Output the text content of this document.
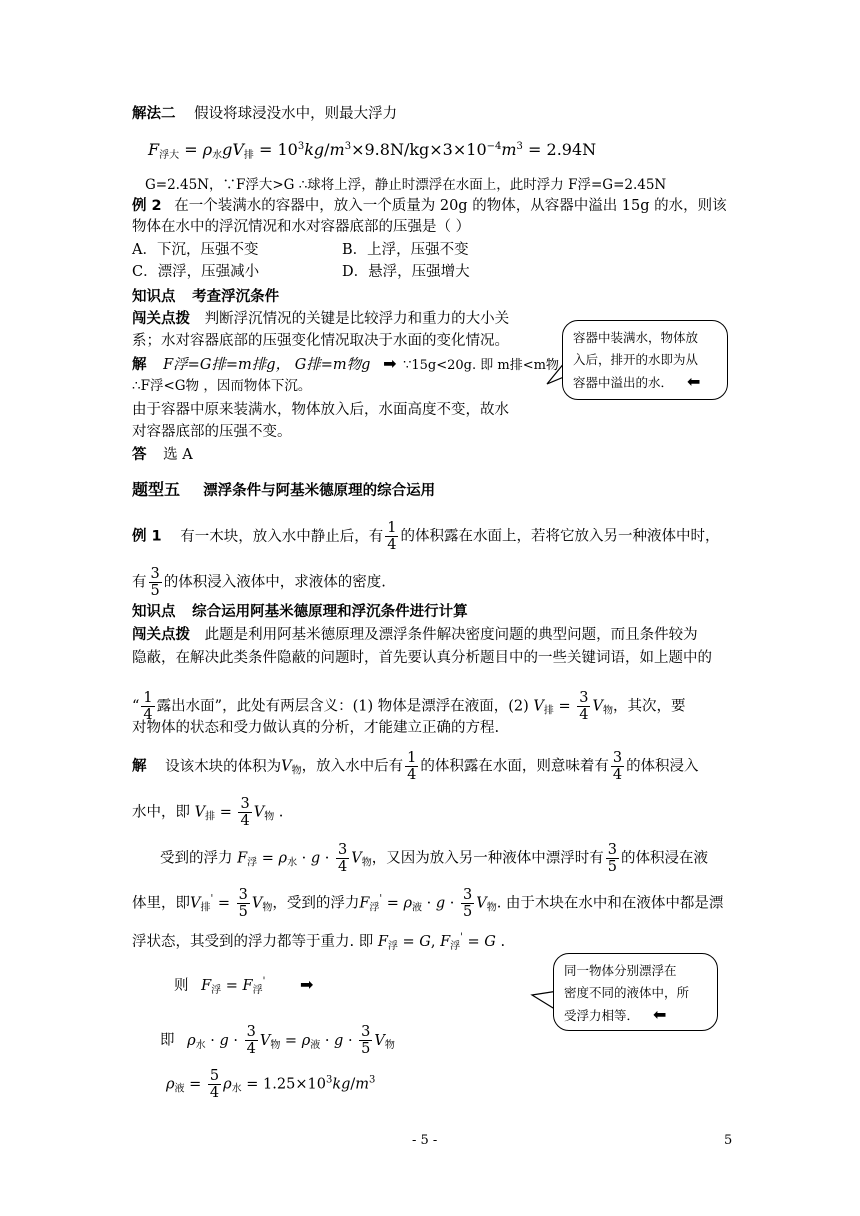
解法二 假设将球浸没水中，则最大浮力
$F_{浮大} = \rho_水gV_排 = 10^3kg/m^3\times 9.8N/kg\times 3\times 10^{-4}m^3 = 2.94N$
G=2.45N，∵F浮大>G ∴球将上浮，静止时漂浮在水面上，此时浮力 F浮=G=2.45N
例 2 在一个装满水的容器中，放入一个质量为 20g 的物体，从容器中溢出 15g 的水，则该
物体在水中的浮沉情况和水对容器底部的压强是（ ）
A．下沉，压强不变	B．上浮，压强不变
C．漂浮，压强减小	D．悬浮，压强增大
知识点 考查浮沉条件
闯关点拨 判断浮沉情况的关键是比较浮力和重力的大小关
系；水对容器底部的压强变化情况取决于水面的变化情况。
解 F浮=G排=m排g， G排=m物g ➡ ∵15g<20g. 即 m排<m物
∴F浮<G物 ，因而物体下沉。
由于容器中原来装满水，物体放入后，水面高度不变，故水
对容器底部的压强不变。
答 选 A
容器中装满水，物体放
入后，排开的水即为从
容器中溢出的水． ⬅
题型五 漂浮条件与阿基米德原理的综合运用
例 1 有一木块，放入水中静止后，有 $\frac{1}{4}$ 的体积露在水面上，若将它放入另一种液体中时，
有 $\frac{3}{5}$ 的体积浸入液体中，求液体的密度.
知识点 综合运用阿基米德原理和浮沉条件进行计算
闯关点拨 此题是利用阿基米德原理及漂浮条件解决密度问题的典型问题，而且条件较为
隐蔽，在解决此类条件隐蔽的问题时，首先要认真分析题目中的一些关键词语，如上题中的
“ $\frac{1}{4}$ 露出水面”，此处有两层含义：(1) 物体是漂浮在液面，(2) $V_排 = \frac{3}{4} V_物$，其次，要
对物体的状态和受力做认真的分析，才能建立正确的方程.
解 设该木块的体积为$V_物$，放入水中后有 $\frac{1}{4}$ 的体积露在水面，则意味着有 $\frac{3}{4}$ 的体积浸入
水中，即 $V_排 = \frac{3}{4} V_物$ .
受到的浮力 $F_浮 = \rho_水 \cdot g \cdot \frac{3}{4} V_物$，又因为放入另一种液体中漂浮时有 $\frac{3}{5}$ 的体积浸在液
体里，即$V_排' = \frac{3}{5} V_物$，受到的浮力$F_浮' = \rho_液 \cdot g \cdot \frac{3}{5} V_物$. 由于木块在水中和在液体中都是漂
浮状态，其受到的浮力都等于重力. 即 $F_浮 = G$, $F_浮' = G$ .
则 $F_浮 = F_浮'$ ➡
即 $\rho_水 \cdot g \cdot \frac{3}{4} V_物 = \rho_液 \cdot g \cdot \frac{3}{5} V_物$
$\rho_液 = \frac{5}{4} \rho_水 = 1.25\times 10^3kg/m^3$
同一物体分别漂浮在
密度不同的液体中，所
受浮力相等． ⬅
- 5 -	5
